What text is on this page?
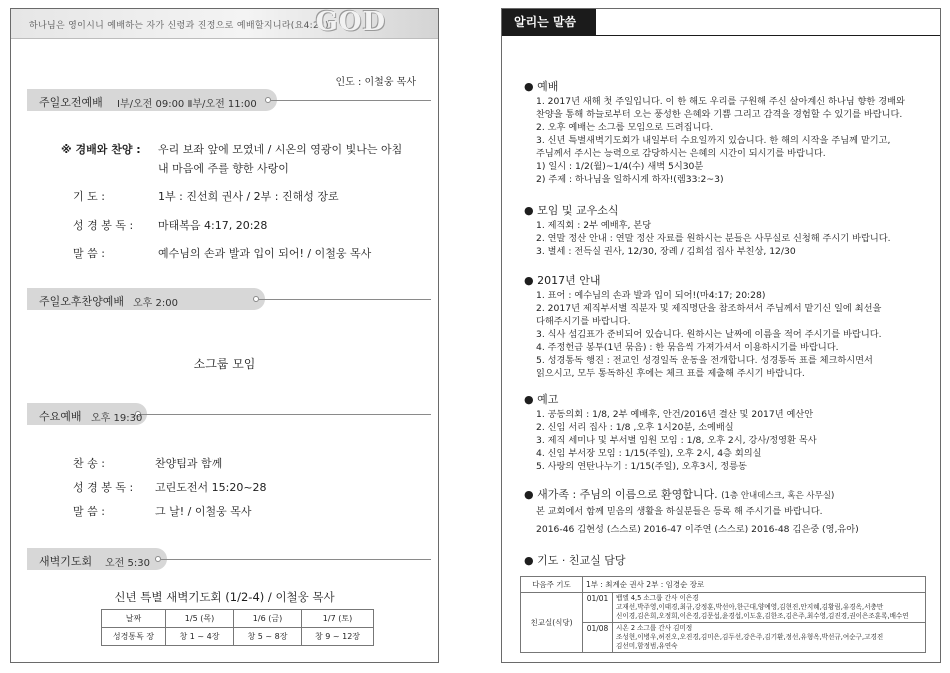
하나님은 영이시니 예배하는 자가 신령과 진정으로 예배할지니라(요4:24)
GOD
인도 : 이철웅 목사
주일오전예배 Ⅰ부/오전 09:00 Ⅱ부/오전 11:00
※ 경배와 찬양 : 우리 보좌 앞에 모였네 / 시온의 영광이 빛나는 아침
내 마음에 주를 향한 사랑이
기 도 :	1부 : 진선희 권사 / 2부 : 진해성 장로
성 경 봉 독 : 마태복음 4:17, 20:28
말 씀 :	예수님의 손과 발과 입이 되어! / 이철웅 목사
주일오후찬양예배 오후 2:00
소그룹 모임
수요예배 오후 19:30
찬 송 :	찬양팀과 함께
성 경 봉 독 : 고린도전서 15:20~28
말 씀 :	그 날! / 이철웅 목사
새벽기도회 오전 5:30
신년 특별 새벽기도회 (1/2-4) / 이철웅 목사
날짜	1/5 (목)	1/6 (금)	1/7 (토)
성경통독 장	창 1 ~ 4장	창 5 ~ 8장	창 9 ~ 12장
알리는 말씀
● 예배
1. 2017년 새해 첫 주일입니다. 이 한 해도 우리를 구원해 주신 살아계신 하나님 향한 경배와
찬양을 통해 하늘로부터 오는 풍성한 은혜와 기쁨 그리고 감격을 경험할 수 있기를 바랍니다.
2. 오후 예배는 소그룹 모임으로 드려집니다.
3. 신년 특별새벽기도회가 내일부터 수요일까지 있습니다. 한 해의 시작을 주님께 맡기고,
주님께서 주시는 능력으로 감당하시는 은혜의 시간이 되시기를 바랍니다.
1) 일시 : 1/2(월)~1/4(수) 새벽 5시30분
2) 주제 : 하나님을 일하시게 하자!(렘33:2~3)
● 모임 및 교우소식
1. 제직회 : 2부 예배후, 본당
2. 연말 정산 안내 : 연말 정산 자료를 원하시는 분들은 사무실로 신청해 주시기 바랍니다.
3. 별세 : 전득실 권사, 12/30, 장례 / 김희섭 집사 부친상, 12/30
● 2017년 안내
1. 표어 : 예수님의 손과 발과 입이 되어!(마4:17; 20:28)
2. 2017년 제직부서별 직분자 및 제직명단을 참조하셔서 주님께서 맡기신 일에 최선을
다해주시기를 바랍니다.
3. 식사 섬김표가 준비되어 있습니다. 원하시는 날짜에 이름을 적어 주시기를 바랍니다.
4. 주정헌금 봉투(1년 묶음) : 한 묶음씩 가져가셔서 이용하시기를 바랍니다.
5. 성경통독 행진 : 전교인 성경일독 운동을 전개합니다. 성경통독 표를 체크하시면서
읽으시고, 모두 통독하신 후에는 체크 표를 제출해 주시기 바랍니다.
● 예고
1. 공동의회 : 1/8, 2부 예배후, 안건/2016년 결산 및 2017년 예산안
2. 신임 서리 집사 : 1/8 ,오후 1시20분, 소예배실
3. 제직 세미나 및 부서별 임원 모임 : 1/8, 오후 2시, 강사/정영환 목사
4. 신임 부서장 모임 : 1/15(주일), 오후 2시, 4층 회의실
5. 사랑의 연탄나누기 : 1/15(주일), 오후3시, 정릉동
● 새가족 : 주님의 이름으로 환영합니다. (1층 안내데스크, 혹은 사무실)
본 교회에서 함께 믿음의 생활을 하실분들은 등록 해 주시기를 바랍니다.
2016-46 김현성 (스스로) 2016-47 이주연 (스스로) 2016-48 김은중 (영,유아)
● 기도 · 친교실 담당
다음주 기도	1부 : 최계순 권사 2부 : 임경순 장로	
친교실(식당)	01/01	뱁엘 4,5 소그룹 간사 이은경
고재선,박주영,이태경,최규,강정훈,박선아,한근대,양예영,김현진,안지혜,김황림,유경옥,서충만
신이경,김은희,오정희,이은경,김문섭,윤경섭,이도훈,김한조,김은주,최수영,김진경,권이은조훈록,배수연
	01/08	시온 2 소그룹 간사 김미정
조성현,이병우,허진오,오진경,김미은,김두선,강은주,김기환,정선,유형옥,박선규,여순구,고경진
김선미,함정범,유연숙
